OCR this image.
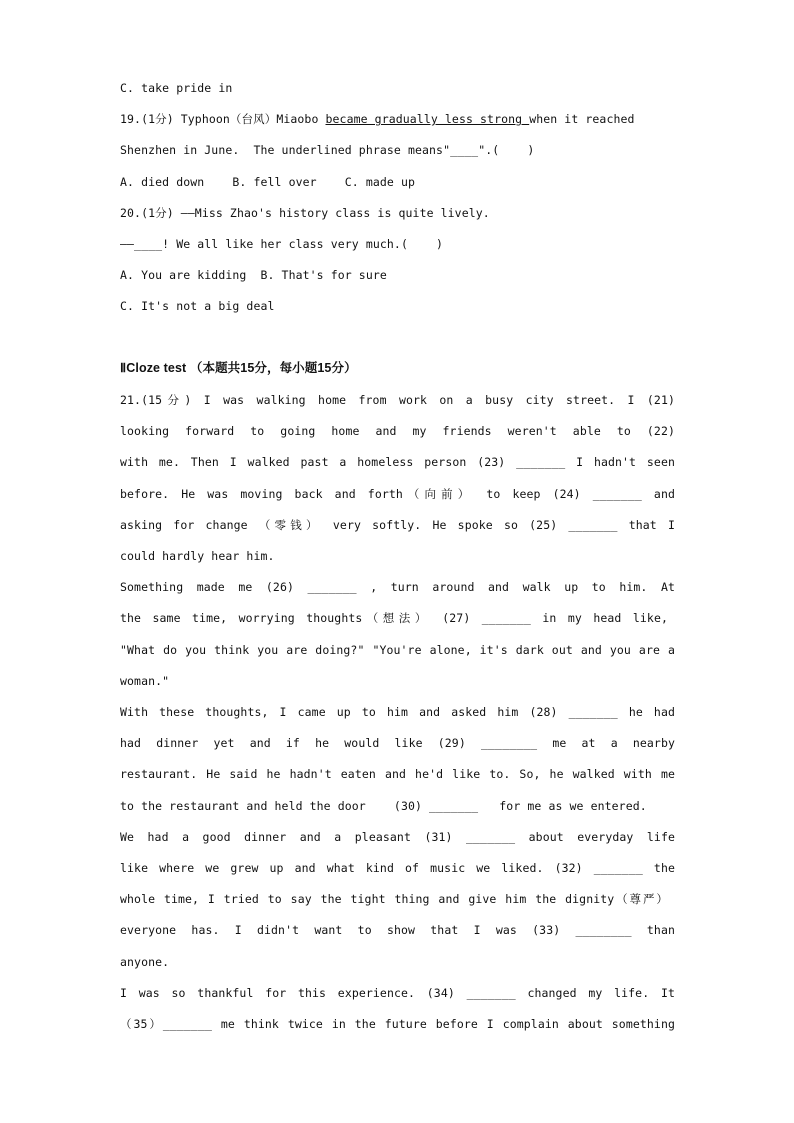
C. take pride in
19.(1分) Typhoon（台风）Miaobo became gradually less strong when it reached
Shenzhen in June.  The underlined phrase means"____".(    )
A. died down    B. fell over    C. made up
20.(1分) ――Miss Zhao's history class is quite lively.
――____! We all like her class very much.(    )
A. You are kidding  B. That's for sure
C. It's not a big deal
ⅡCloze test （本题共15分，每小题15分）
21.(15分) I was walking home from work on a busy city street. I (21)
looking forward to going home and my friends weren't able to (22)
with me. Then I walked past a homeless person (23) _______ I hadn't seen
before. He was moving back and forth（向前） to keep (24) _______ and
asking for change （零钱） very softly. He spoke so (25) _______ that I
could hardly hear him.
Something made me (26) _______ , turn around and walk up to him. At
the same time, worrying thoughts（想法） (27) _______ in my head like,
"What do you think you are doing?" "You're alone, it's dark out and you are a
woman."
With these thoughts, I came up to him and asked him (28) _______ he had
had dinner yet and if he would like (29) ________ me at a nearby
restaurant. He said he hadn't eaten and he'd like to. So, he walked with me
to the restaurant and held the door    (30) _______   for me as we entered.
We had a good dinner and a pleasant (31) _______ about everyday life
like where we grew up and what kind of music we liked. (32) _______ the
whole time, I tried to say the tight thing and give him the dignity（尊严）
everyone has. I didn't want to show that I was (33) ________ than
anyone.
I was so thankful for this experience. (34) _______ changed my life. It
（35）_______ me think twice in the future before I complain about something
